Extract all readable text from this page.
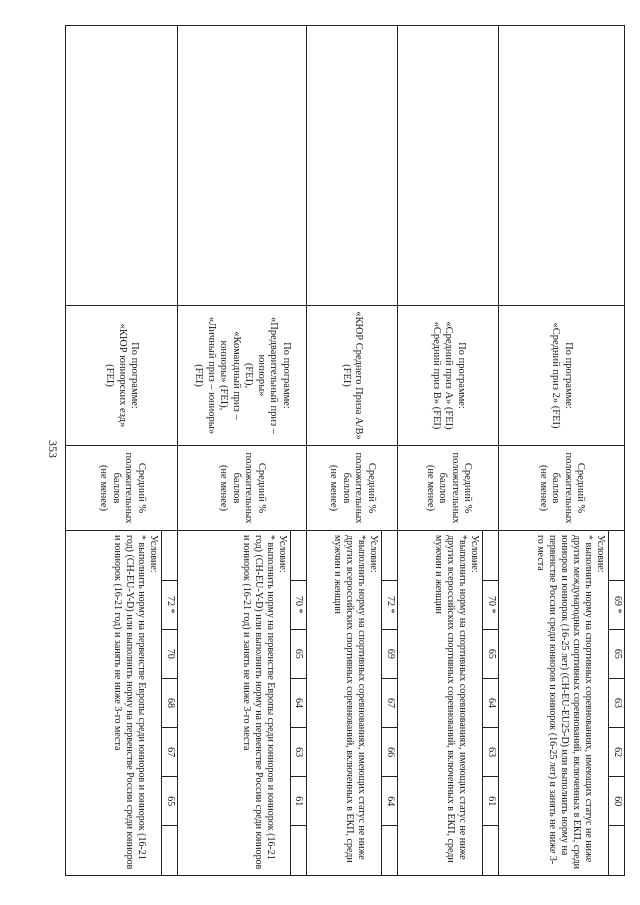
353

По программе:
«Средний приз 2» (FEI)

Средний %
положительных
баллов
(не менее)

	69 *	65	63	62	60	
Условие:
* выполнить норму на спортивных соревнованиях, имеющих статус не ниже других международных спортивных соревнований, включенных в ЕКП, среди юниоров и юниорок (16-25 лет) (CH-EU-EU25-D) или выполнить норму на первенстве России среди юниоров и юниорок (16-25 лет) и занять не ниже 3-го места

По программе:
«Средний приз A» (FEI)
«Средний приз B» (FEI)

Средний %
положительных
баллов
(не менее)

	70 *	65	64	63	61	
Условие:
*выполнить норму на спортивных соревнованиях, имеющих статус не ниже других всероссийских спортивных соревнований, включенных в ЕКП, среди мужчин и женщин

«КЮР Среднего Приза A/B» (FEI)

Средний %
положительных
баллов
(не менее)

	72 *	69	67	66	64	
Условие:
*выполнить норму на спортивных соревнованиях, имеющих статус не ниже других всероссийских спортивных соревнований, включенных в ЕКП, среди мужчин и женщин

По программе:
«Предварительный приз – юниоры»
(FEI),
«Командный приз – юниоры» (FEI),
«Личный приз – юниоры» (FEI)

Средний %
положительных
баллов
(не менее)

	70 *	65	64	63	61	
Условие:
* выполнить норму на первенстве Европы среди юниоров и юниорок (16-21 год) (CH-EU-Y-D) или выполнить норму на первенстве России среди юниоров и юниорок (16-21 год) и занять не ниже 3-го места

По программе:
«КЮР юниорских езд» (FEI)

Средний %
положительных
баллов
(не менее)

	72 *	70	68	67	65	
Условие:
* выполнить норму на первенстве Европы среди юниоров и юниорок (16-21 год) (CH-EU-Y-D) или выполнить норму на первенстве России среди юниоров и юниорок (16-21 год) и занять не ниже 3-го места
